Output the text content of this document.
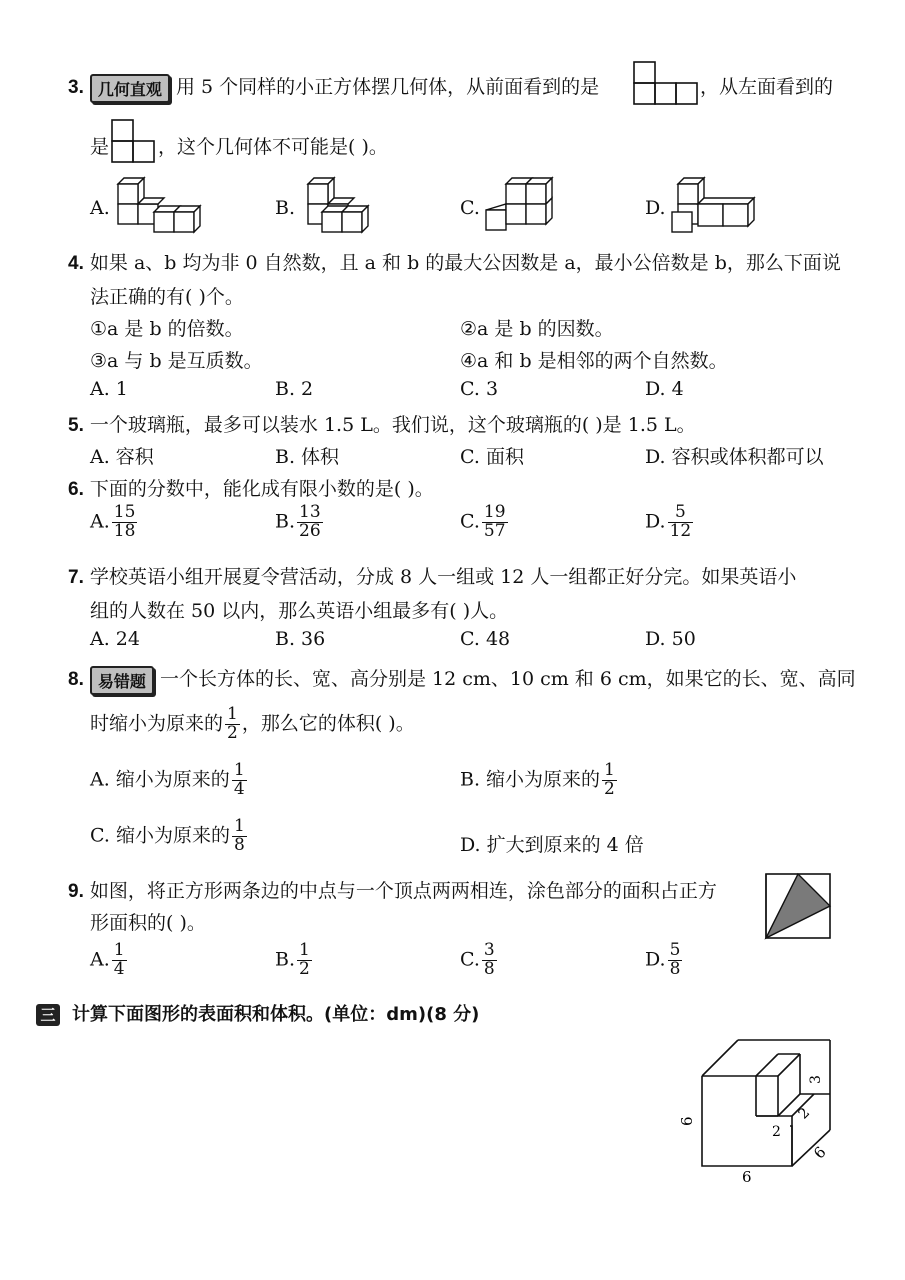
3. 几何直观 用 5 个同样的小正方体摆几何体，从前面看到的是	，从左面看到的
是	，这个几何体不可能是( )。
A.	B.	C.	D.
4. 如果 a、b 均为非 0 自然数，且 a 和 b 的最大公因数是 a，最小公倍数是 b，那么下面说
法正确的有( )个。
①a 是 b 的倍数。	②a 是 b 的因数。
③a 与 b 是互质数。	④a 和 b 是相邻的两个自然数。
A. 1	B. 2	C. 3	D. 4
5. 一个玻璃瓶，最多可以装水 1.5 L。我们说，这个玻璃瓶的( )是 1.5 L。
A. 容积	B. 体积	C. 面积	D. 容积或体积都可以
6. 下面的分数中，能化成有限小数的是( )。
A. $\frac{15}{18}$	B. $\frac{13}{26}$	C. $\frac{19}{57}$	D. $\frac{5}{12}$
7. 学校英语小组开展夏令营活动，分成 8 人一组或 12 人一组都正好分完。如果英语小
组的人数在 50 以内，那么英语小组最多有( )人。
A. 24	B. 36	C. 48	D. 50
8. 易错题 一个长方体的长、宽、高分别是 12 cm、10 cm 和 6 cm，如果它的长、宽、高同
时缩小为原来的 $\frac{1}{2}$ ，那么它的体积( )。
A. 缩小为原来的 $\frac{1}{4}$	B. 缩小为原来的 $\frac{1}{2}$
C. 缩小为原来的 $\frac{1}{8}$	D. 扩大到原来的 4 倍
9. 如图，将正方形两条边的中点与一个顶点两两相连，涂色部分的面积占正方
形面积的( )。
A. $\frac{1}{4}$	B. $\frac{1}{2}$	C. $\frac{3}{8}$	D. $\frac{5}{8}$
三 计算下面图形的表面积和体积。(单位：dm)(8 分)
6
6
6
2
2
3
